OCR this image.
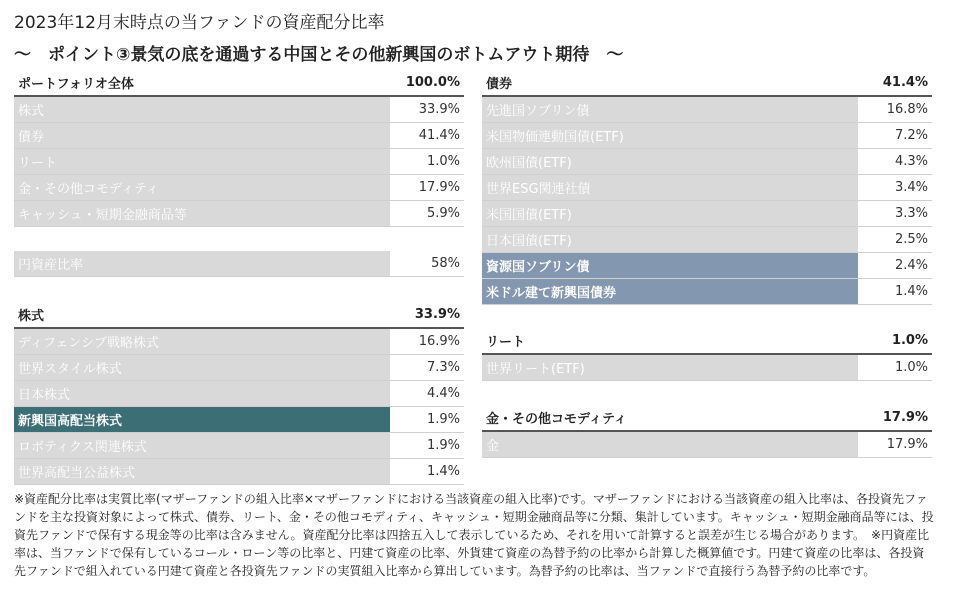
2023年12月末時点の当ファンドの資産配分比率
～　ポイント③景気の底を通過する中国とその他新興国のボトムアウト期待　～
ポートフォリオ全体	100.0%
株式	33.9%
債券	41.4%
リート	1.0%
金・その他コモディティ	17.9%
キャッシュ・短期金融商品等	5.9%
円資産比率	58%
株式	33.9%
ディフェンシブ戦略株式	16.9%
世界スタイル株式	7.3%
日本株式	4.4%
新興国高配当株式	1.9%
ロボティクス関連株式	1.9%
世界高配当公益株式	1.4%
債券	41.4%
先進国ソブリン債	16.8%
米国物価連動国債(ETF)	7.2%
欧州国債(ETF)	4.3%
世界ESG関連社債	3.4%
米国国債(ETF)	3.3%
日本国債(ETF)	2.5%
資源国ソブリン債	2.4%
米ドル建て新興国債券	1.4%
リート	1.0%
世界リート(ETF)	1.0%
金・その他コモディティ	17.9%
金	17.9%
※資産配分比率は実質比率(マザーファンドの組入比率×マザーファンドにおける当該資産の組入比率)です。マザーファンドにおける当該資産の組入比率は、各投資先ファンドを主な投資対象によって株式、債券、リート、金・その他コモディティ、キャッシュ・短期金融商品等に分類、集計しています。キャッシュ・短期金融商品等には、投資先ファンドで保有する現金等の比率は含みません。資産配分比率は四捨五入して表示しているため、それを用いて計算すると誤差が生じる場合があります。　※円資産比率は、当ファンドで保有しているコール・ローン等の比率と、円建て資産の比率、外貨建て資産の為替予約の比率から計算した概算値です。円建て資産の比率は、各投資先ファンドで組入れている円建て資産と各投資先ファンドの実質組入比率から算出しています。為替予約の比率は、当ファンドで直接行う為替予約の比率です。
